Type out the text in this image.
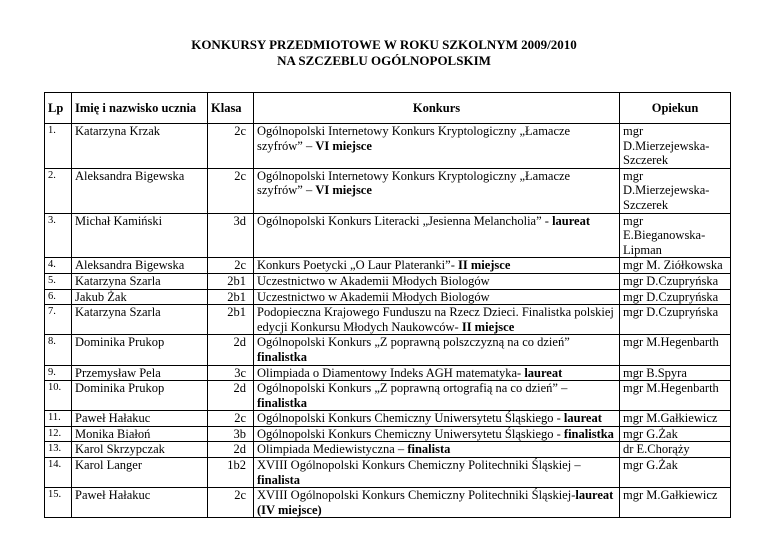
KONKURSY PRZEDMIOTOWE W ROKU SZKOLNYM 2009/2010
NA SZCZEBLU OGÓLNOPOLSKIM
Lp	Imię i nazwisko ucznia	Klasa	Konkurs	Opiekun
1.	Katarzyna Krzak	2c	Ogólnopolski Internetowy Konkurs Kryptologiczny „Łamacze szyfrów” – VI miejsce	mgr D.Mierzejewska-Szczerek
2.	Aleksandra Bigewska	2c	Ogólnopolski Internetowy Konkurs Kryptologiczny „Łamacze szyfrów” – VI miejsce	mgr D.Mierzejewska-Szczerek
3.	Michał Kamiński	3d	Ogólnopolski Konkurs Literacki „Jesienna Melancholia” - laureat	mgr E.Bieganowska-Lipman
4.	Aleksandra Bigewska	2c	Konkurs Poetycki „O Laur Plateranki”- II miejsce	mgr M. Ziółkowska
5.	Katarzyna Szarla	2b1	Uczestnictwo w Akademii Młodych Biologów	mgr D.Czupryńska
6.	Jakub Żak	2b1	Uczestnictwo w Akademii Młodych Biologów	mgr D.Czupryńska
7.	Katarzyna Szarla	2b1	Podopieczna Krajowego Funduszu na Rzecz Dzieci. Finalistka polskiej edycji Konkursu Młodych Naukowców- II miejsce	mgr D.Czupryńska
8.	Dominika Prukop	2d	Ogólnopolski Konkurs „Z poprawną polszczyzną na co dzień” finalistka	mgr M.Hegenbarth
9.	Przemysław Pela	3c	Olimpiada o Diamentowy Indeks AGH matematyka- laureat	mgr B.Spyra
10.	Dominika Prukop	2d	Ogólnopolski Konkurs „Z poprawną ortografią na co dzień” – finalistka	mgr M.Hegenbarth
11.	Paweł Hałakuc	2c	Ogólnopolski Konkurs Chemiczny Uniwersytetu Śląskiego - laureat	mgr M.Gałkiewicz
12.	Monika Białoń	3b	Ogólnopolski Konkurs Chemiczny Uniwersytetu Śląskiego - finalistka	mgr G.Żak
13.	Karol Skrzypczak	2d	Olimpiada Mediewistyczna – finalista	dr E.Chorąży
14.	Karol Langer	1b2	XVIII Ogólnopolski Konkurs Chemiczny Politechniki Śląskiej – finalista	mgr G.Żak
15.	Paweł Hałakuc	2c	XVIII Ogólnopolski Konkurs Chemiczny Politechniki Śląskiej-laureat (IV miejsce)	mgr M.Gałkiewicz
